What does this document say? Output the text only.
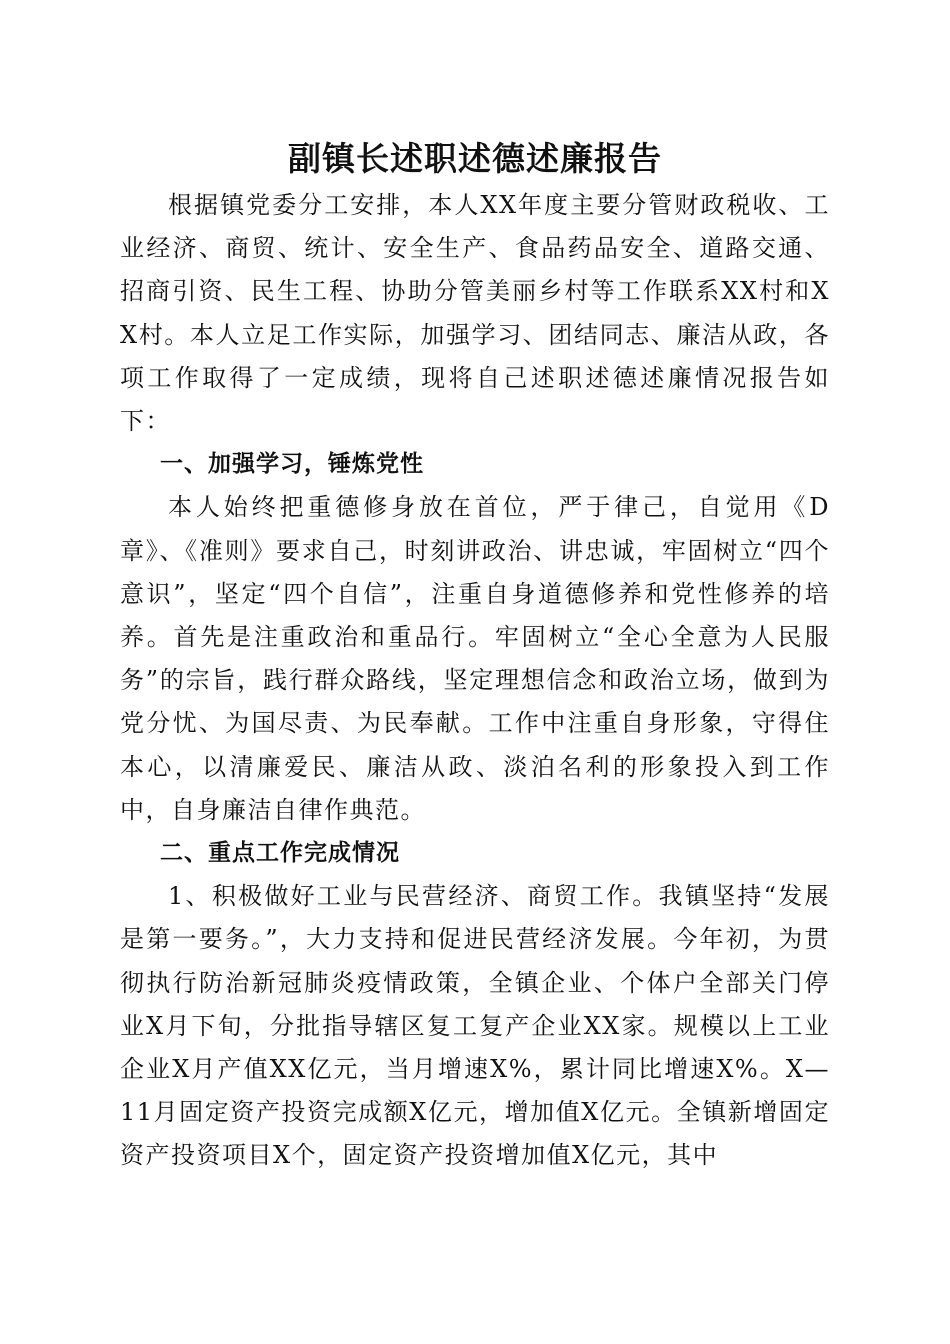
副镇长述职述德述廉报告

根据镇党委分工安排，本人XX年度主要分管财政税收、工业经济、商贸、统计、安全生产、食品药品安全、道路交通、招商引资、民生工程、协助分管美丽乡村等工作联系XX村和XX村。本人立足工作实际，加强学习、团结同志、廉洁从政，各项工作取得了一定成绩，现将自己述职述德述廉情况报告如下：

一、加强学习，锤炼党性

本人始终把重德修身放在首位，严于律己，自觉用《D章》、《准则》要求自己，时刻讲政治、讲忠诚，牢固树立“四个意识”，坚定“四个自信”，注重自身道德修养和党性修养的培养。首先是注重政治和重品行。牢固树立“全心全意为人民服务”的宗旨，践行群众路线，坚定理想信念和政治立场，做到为党分忧、为国尽责、为民奉献。工作中注重自身形象，守得住本心，以清廉爱民、廉洁从政、淡泊名利的形象投入到工作中，自身廉洁自律作典范。

二、重点工作完成情况

1、积极做好工业与民营经济、商贸工作。我镇坚持“发展是第一要务。”，大力支持和促进民营经济发展。今年初，为贯彻执行防治新冠肺炎疫情政策，全镇企业、个体户全部关门停业X月下旬，分批指导辖区复工复产企业XX家。规模以上工业企业X月产值XX亿元，当月增速X%，累计同比增速X%。X—11月固定资产投资完成额X亿元，增加值X亿元。全镇新增固定资产投资项目X个，固定资产投资增加值X亿元，其中
